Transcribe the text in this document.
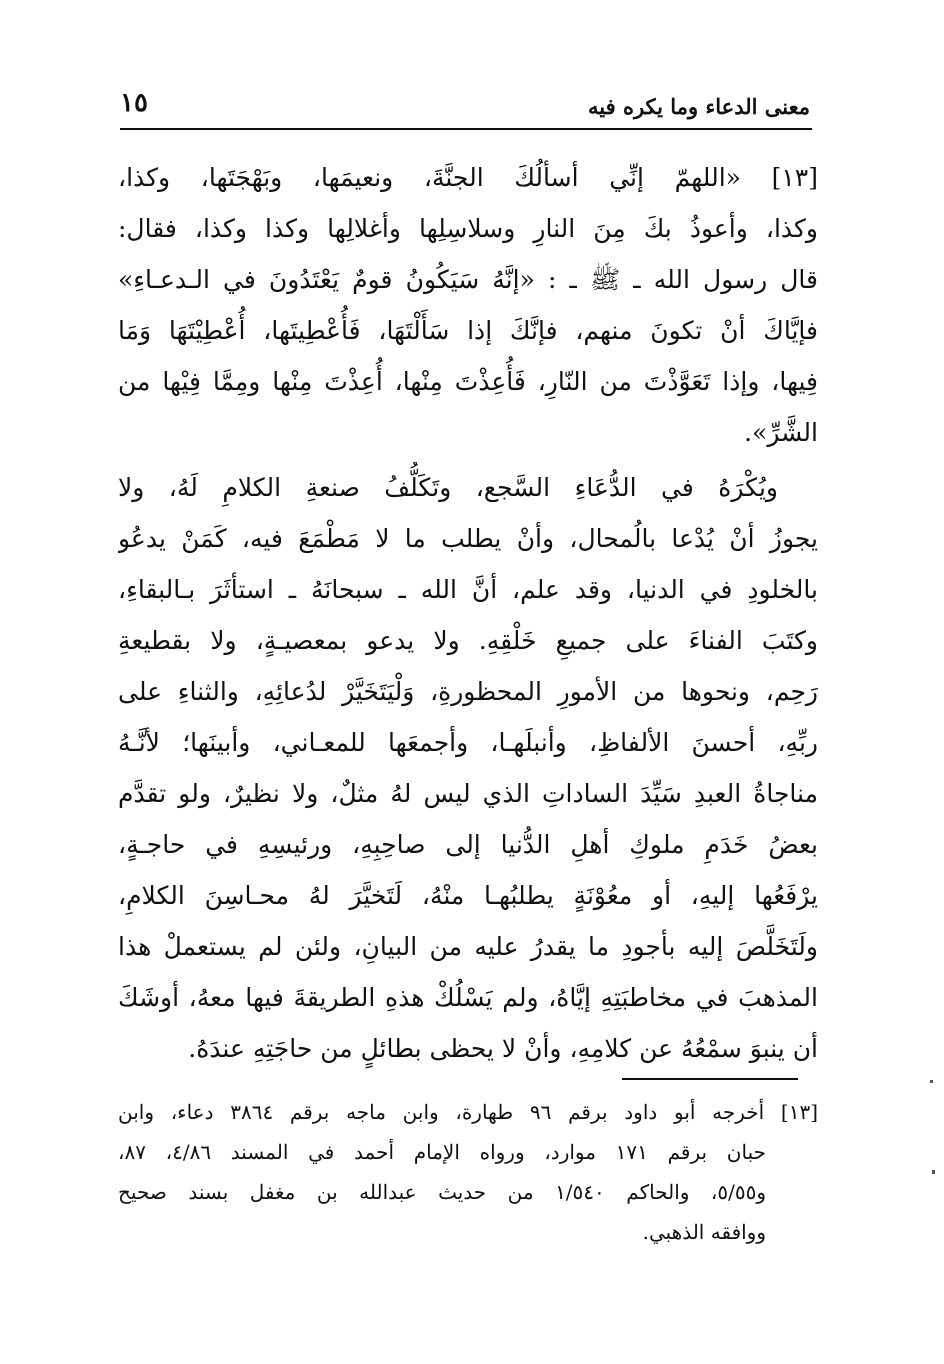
معنى الدعاء وما يكره فيه
١٥
[١٣] «اللهمّ إنِّي أسألُكَ الجنَّةَ، ونعيمَها، وبَهْجَتَها، وكذا،
وكذا، وأعوذُ بكَ مِنَ النارِ وسلاسِلِها وأغلالِها وكذا وكذا، فقال:
قال رسول الله ـ ﷺ ـ : «إنَّهُ سَيَكُونُ قومٌ يَعْتَدُونَ في الـدعـاءِ»
فإيَّاكَ أنْ تكونَ منهم، فإنَّكَ إذا سَأَلْتَهَا، فَأُعْطِيتَها، أُعْطِيْتَهَا وَمَا
فِيها، وإذا تَعَوَّذْتَ من النّارِ، فَأُعِذْتَ مِنْها، أُعِذْتَ مِنْها ومِمَّا فِيْها من
الشَّرِّ».
ويُكْرَهُ في الدُّعَاءِ السَّجع، وتَكَلُّفُ صنعةِ الكلامِ لَهُ، ولا
يجوزُ أنْ يُدْعا بالُمحال، وأنْ يطلب ما لا مَطْمَعَ فيه، كَمَنْ يدعُو
بالخلودِ في الدنيا، وقد علم، أنَّ الله ـ سبحانَهُ ـ استأثَرَ بـالبقاءِ،
وكتَبَ الفناءَ على جميعِ خَلْقِهِ. ولا يدعو بمعصيـةٍ، ولا بقطيعةِ
رَحِم، ونحوها من الأمورِ المحظورةِ، وَلْيَتَخَيَّرْ لدُعائِهِ، والثناءِ على
ربِّهِ، أحسنَ الألفاظِ، وأنبلَهـا، وأجمعَها للمعـاني، وأبينَها؛ لأنَّـهُ
مناجاةُ العبدِ سَيِّدَ الساداتِ الذي ليس لهُ مثلٌ، ولا نظيرٌ، ولو تقدَّم
بعضُ خَدَمِ ملوكِ أهلِ الدُّنيا إلى صاحِبِهِ، ورئيسِهِ في حاجـةٍ،
يرْفَعُها إليهِ، أو معُوْنَةٍ يطلبُهـا منْهُ، لَتَخيَّرَ لهُ محـاسِنَ الكلامِ،
ولَتَخَلَّصَ إليه بأجودِ ما يقدرُ عليه من البيانِ، ولئن لم يستعملْ هذا
المذهبَ في مخاطبَتِهِ إيَّاهُ، ولم يَسْلُكْ هذهِ الطريقةَ فيها معهُ، أوشَكَ
أن ينبوَ سمْعُهُ عن كلامِهِ، وأنْ لا يحظى بطائلٍ من حاجَتِهِ عندَهُ.
[١٣] أخرجه أبو داود برقم ٩٦ طهارة، وابن ماجه برقم ٣٨٦٤ دعاء، وابن
حبان برقم ١٧١ موارد، ورواه الإمام أحمد في المسند ٤/٨٦، ٨٧،
و٥/٥٥، والحاكم ١/٥٤٠ من حديث عبدالله بن مغفل بسند صحيح
ووافقه الذهبي.
